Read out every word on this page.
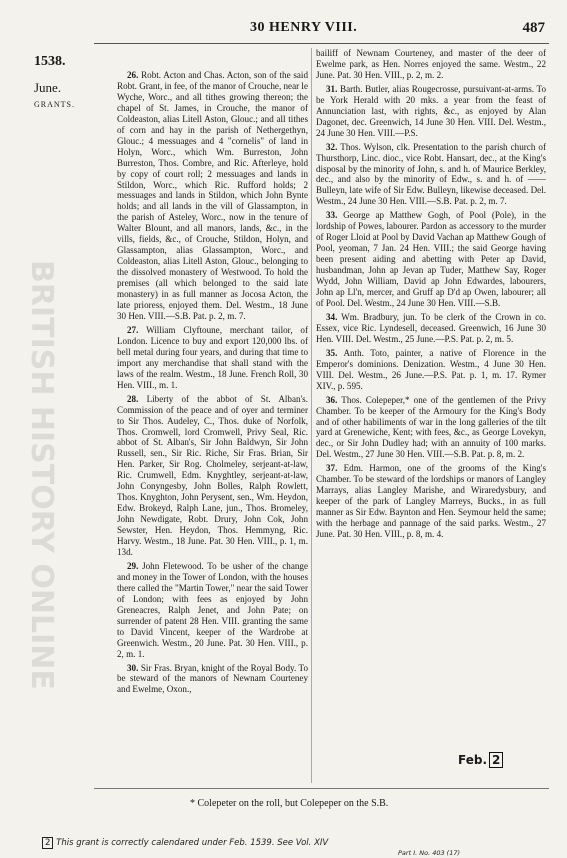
BRITISH HISTORY ONLINE
30 HENRY VIII.	487
1538.
June.
GRANTS.

26. Robt. Acton and Chas. Acton, son of the said Robt. Grant, in fee, of the manor of Crouche, near le Wyche, Worc., and all tithes growing thereon; the chapel of St. James, in Crouche, the manor of Coldeaston, alias Litell Aston, Glouc.; and all tithes of corn and hay in the parish of Nethergethyn, Glouc.; 4 messuages and 4 "cornelis" of land in Holyn, Worc., which Wm. Burreston, John Burreston, Thos. Combre, and Ric. Afterleye, hold by copy of court roll; 2 messuages and lands in Stildon, Worc., which Ric. Rufford holds; 2 messuages and lands in Stildon, which John Bynte holds; and all lands in the vill of Glassampton, in the parish of Asteley, Worc., now in the tenure of Walter Blount, and all manors, lands, &c., in the vills, fields, &c., of Crouche, Stildon, Holyn, and Glassampton, alias Glassampton, Worc., and Coldeaston, alias Litell Aston, Glouc., belonging to the dissolved monastery of Westwood. To hold the premises (all which belonged to the said late monastery) in as full manner as Jocosa Acton, the late prioress, enjoyed them. Del. Westm., 18 June 30 Hen. VIII.—S.B. Pat. p. 2, m. 7.

27. William Clyftoune, merchant tailor, of London. Licence to buy and export 120,000 lbs. of bell metal during four years, and during that time to import any merchandise that shall stand with the laws of the realm. Westm., 18 June. French Roll, 30 Hen. VIII., m. 1.

28. Liberty of the abbot of St. Alban's. Commission of the peace and of oyer and terminer to Sir Thos. Audeley, C., Thos. duke of Norfolk, Thos. Cromwell, lord Cromwell, Privy Seal, Ric. abbot of St. Alban's, Sir John Baldwyn, Sir John Russell, sen., Sir Ric. Riche, Sir Fras. Brian, Sir Hen. Parker, Sir Rog. Cholmeley, serjeant-at-law, Ric. Crumwell, Edm. Knyghtley, serjeant-at-law, John Conyngesby, John Bolles, Ralph Rowlett, Thos. Knyghton, John Perysent, sen., Wm. Heydon, Edw. Brokeyd, Ralph Lane, jun., Thos. Bromeley, John Newdigate, Robt. Drury, John Cok, John Sewster, Hen. Heydon, Thos. Hemmyng, Ric. Harvy. Westm., 18 June. Pat. 30 Hen. VIII., p. 1, m. 13d.

29. John Fletewood. To be usher of the change and money in the Tower of London, with the houses there called the "Martin Tower," near the said Tower of London; with fees as enjoyed by John Greneacres, Ralph Jenet, and John Pate; on surrender of patent 28 Hen. VIII. granting the same to David Vincent, keeper of the Wardrobe at Greenwich. Westm., 20 June. Pat. 30 Hen. VIII., p. 2, m. 1.

30. Sir Fras. Bryan, knight of the Royal Body. To be steward of the manors of Newnam Courteney and Ewelme, Oxon.,

bailiff of Newnam Courteney, and master of the deer of Ewelme park, as Hen. Norres enjoyed the same. Westm., 22 June. Pat. 30 Hen. VIII., p. 2, m. 2.

31. Barth. Butler, alias Rougecrosse, pursuivant-at-arms. To be York Herald with 20 mks. a year from the feast of Annunciation last, with rights, &c., as enjoyed by Alan Dagonet, dec. Greenwich, 14 June 30 Hen. VIII. Del. Westm., 24 June 30 Hen. VIII.—P.S.

32. Thos. Wylson, clk. Presentation to the parish church of Thursthorp, Linc. dioc., vice Robt. Hansart, dec., at the King's disposal by the minority of John, s. and h. of Maurice Berkley, dec., and also by the minority of Edw., s. and h. of —— Bulleyn, late wife of Sir Edw. Bulleyn, likewise deceased. Del. Westm., 24 June 30 Hen. VIII.—S.B. Pat. p. 2, m. 7.

33. George ap Matthew Gogh, of Pool (Pole), in the lordship of Powes, labourer. Pardon as accessory to the murder of Roger Lloid at Pool by David Vachan ap Matthew Gough of Pool, yeoman, 7 Jan. 24 Hen. VIII.; the said George having been present aiding and abetting with Peter ap David, husbandman, John ap Jevan ap Tuder, Matthew Say, Roger Wydd, John William, David ap John Edwardes, labourers, John ap Ll'n, mercer, and Gruff ap D'd ap Owen, labourer; all of Pool. Del. Westm., 24 June 30 Hen. VIII.—S.B.

34. Wm. Bradbury, jun. To be clerk of the Crown in co. Essex, vice Ric. Lyndesell, deceased. Greenwich, 16 June 30 Hen. VIII. Del. Westm., 25 June.—P.S. Pat. p. 2, m. 5.

35. Anth. Toto, painter, a native of Florence in the Emperor's dominions. Denization. Westm., 4 June 30 Hen. VIII. Del. Westm., 26 June.—P.S. Pat. p. 1, m. 17. Rymer XIV., p. 595.

36. Thos. Colepeper,* one of the gentlemen of the Privy Chamber. To be keeper of the Armoury for the King's Body and of other habiliments of war in the long galleries of the tilt yard at Grenewiche, Kent; with fees, &c., as George Lovekyn, dec., or Sir John Dudley had; with an annuity of 100 marks. Del. Westm., 27 June 30 Hen. VIII.—S.B. Pat. p. 8, m. 2.

37. Edm. Harmon, one of the grooms of the King's Chamber. To be steward of the lordships or manors of Langley Marrays, alias Langley Marishe, and Wiraredysbury, and keeper of the park of Langley Marreys, Bucks., in as full manner as Sir Edw. Baynton and Hen. Seymour held the same; with the herbage and pannage of the said parks. Westm., 27 June. Pat. 30 Hen. VIII., p. 8, m. 4.

Feb. 2
* Colepeter on the roll, but Colepeper on the S.B.
2 This grant is correctly calendared under Feb. 1539. See Vol. XIV
Part I. No. 403 (17)
